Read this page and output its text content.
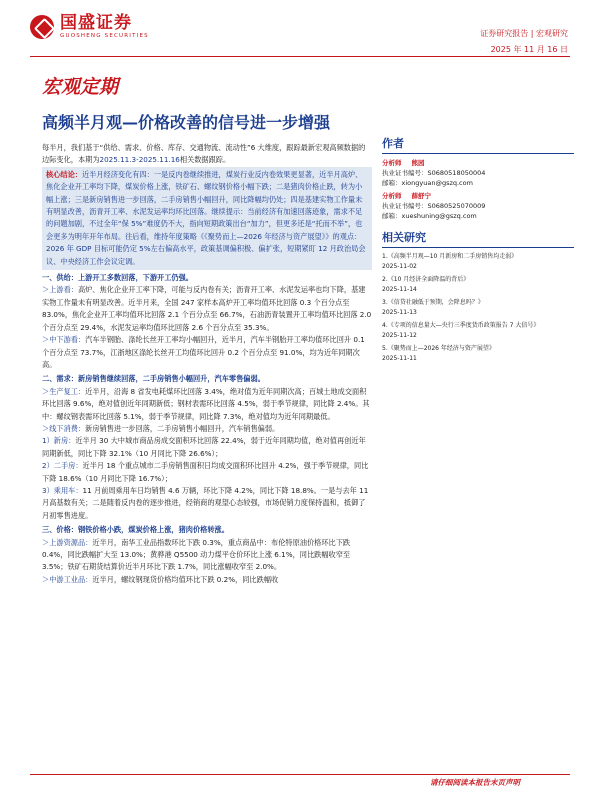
国盛证券
GUOSHENG SECURITIES	证券研究报告 | 宏观研究
2025 年 11 月 16 日
宏观定期
高频半月观—价格改善的信号进一步增强

每半月，我们基于“供给、需求、价格、库存、交通物流、流动性”6 大维度，跟踪最新宏观高频数据的边际变化，本期为2025.11.3-2025.11.16相关数据跟踪。

核心结论：近半月经济变化有四：一是反内卷继续推进，煤炭行业反内卷效果更显著，近半月高炉、焦化企业开工率均下降，煤炭价格上涨，铁矿石、螺纹钢价格小幅下跌；二是猪肉价格止跌，转为小幅上涨；三是新房销售进一步回落，二手房销售小幅回升，同比降幅均仍处；四是基建实物工作量未有明显改善，沥青开工率、水泥发运率均环比回落。继续提示：当前经济有加速回落迹象，需求不足的问题加剧，不过全年“保 5%”难度仍不大，指向短期政策出台“加力”，但更多还是“托而不举”，也会更多为明年开年布局。往后看，维持年度策略《《聚势而上—2026 年经济与资产展望》》的观点：2026 年 GDP 目标可能仍定 5%左右偏高水平，政策基调偏积极、偏扩张，短期紧盯 12 月政治局会议、中央经济工作会议定调。

一、供给：上游开工多数回落，下游开工仍强。

＞上游看：高炉、焦化企业开工率下降，可能与反内卷有关；沥青开工率、水泥发运率也均下降，基建实物工作量未有明显改善。近半月来，全国 247 家样本高炉开工率均值环比回落 0.3 个百分点至 83.0%，焦化企业开工率均值环比回落 2.1 个百分点至 66.7%，石油沥青装置开工率均值环比回落 2.0 个百分点至 29.4%，水泥发运率均值环比回落 2.6 个百分点至 35.3%。

＞中下游看：汽车半钢胎、涤纶长丝开工率均小幅回升，近半月，汽车半钢胎开工率均值环比回升 0.1 个百分点至 73.7%，江浙地区涤纶长丝开工均值环比回升 0.2 个百分点至 91.0%，均为近年同期次高。

二、需求：新房销售继续回落，二手房销售小幅回升，汽车零售偏弱。

＞生产复工：近半月，沿海 8 省发电耗煤环比回落 3.4%，绝对值为近年同期次高；百城土地成交面积环比回落 9.6%，绝对值创近年同期新低；钢材表需环比回落 4.5%，弱于季节规律，同比降 2.4%。其中：螺纹钢表需环比回落 5.1%，弱于季节规律，同比降 7.3%，绝对值均为近年同期最低。

＞线下消费：新房销售进一步回落，二手房销售小幅回升，汽车销售偏弱。

1）新房：近半月 30 大中城市商品房成交面积环比回落 22.4%，弱于近年同期均值，绝对值再创近年同期新低，同比下降 32.1%（10 月同比下降 26.6%）；

2）二手房：近半月 18 个重点城市二手房销售面积日均成交面积环比回升 4.2%，强于季节规律，同比下降 18.6%（10 月同比下降 16.7%）；

3）乘用车：11 月前周乘用车日均销售 4.6 万辆，环比下降 4.2%，同比下降 18.8%。一是与去年 11 月高基数有关；二是随着反内卷的逐步推进，经销商的观望心态较强，市场促销力度保持温和，抵御了月初零售进度。

三、价格：钢铁价格小跌，煤炭价格上涨，猪肉价格转涨。

＞上游资源品：近半月，南华工业品指数环比下跌 0.3%，重点商品中：布伦特原油价格环比下跌 0.4%，同比跌幅扩大至 13.0%；黄骅港 Q5500 动力煤平仓价环比上涨 6.1%，同比跌幅收窄至 3.5%；铁矿石期货结算价近半月环比下跌 1.7%，同比涨幅收窄至 2.0%。

＞中游工业品：近半月，螺纹钢现货价格均值环比下跌 0.2%，同比跌幅收

作者
分析师 熊园
执业证书编号：S0680518050004
邮箱：xiongyuan@gszq.com
分析师 薛舒宁
执业证书编号：S0680525070009
邮箱：xueshuning@gszq.com
相关研究
1.《高频半月观—10 月新房和二手房销售均走弱》
2025-11-02
2.《10 月经济全面降温的背后》
2025-11-14
3.《信贷社融低于预期，会降息吗？》
2025-11-13
4.《专项的信息量大—央行三季度货币政策报告 7 大信号》
2025-11-12
5.《聚势而上—2026 年经济与资产展望》
2025-11-11
请仔细阅读本报告末页声明
